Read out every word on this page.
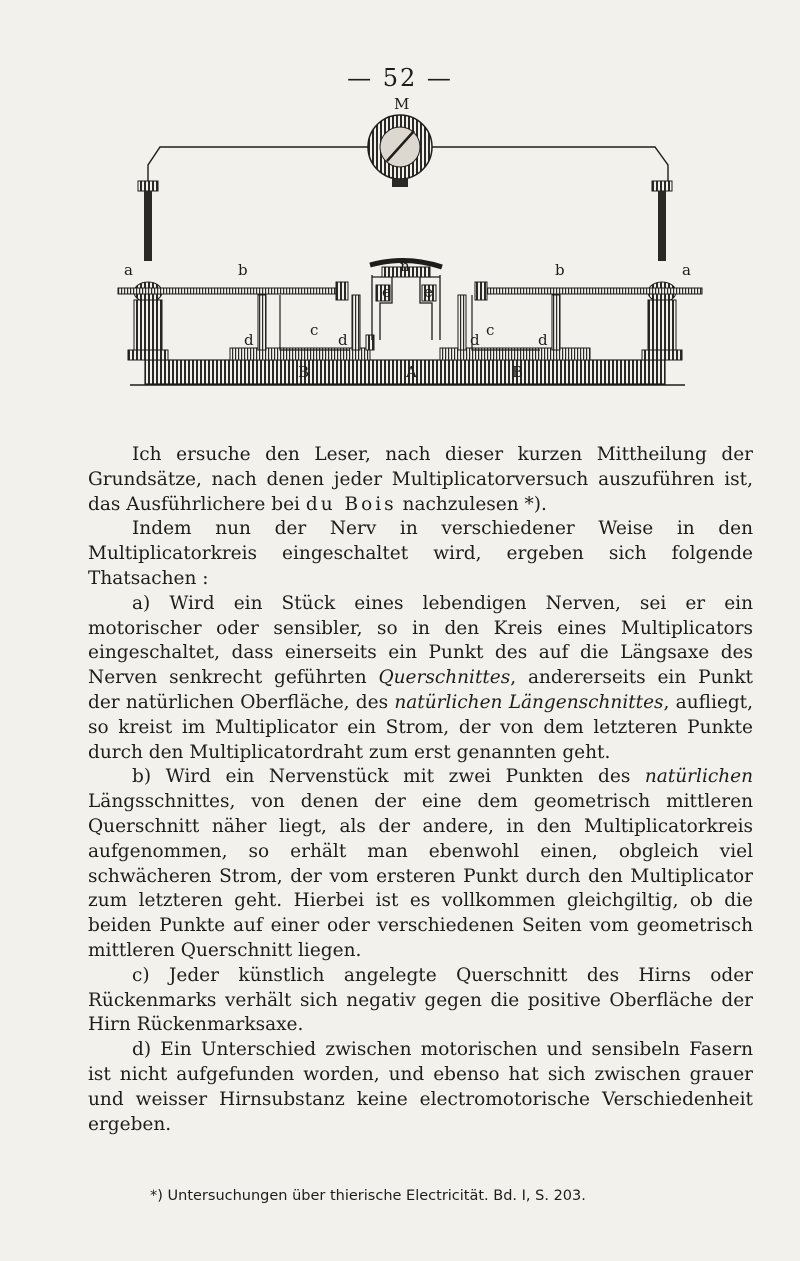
— 52 —
M
a	a
b	b
c	c
d	d	d	d
e e
n
B	A	B

Ich ersuche den Leser, nach dieser kurzen Mittheilung der Grundsätze, nach denen jeder Multiplicatorversuch auszuführen ist, das Ausführlichere bei du Bois nachzulesen *).

Indem nun der Nerv in verschiedener Weise in den Multiplicatorkreis eingeschaltet wird, ergeben sich folgende Thatsachen :

a) Wird ein Stück eines lebendigen Nerven, sei er ein motorischer oder sensibler, so in den Kreis eines Multiplicators eingeschaltet, dass einerseits ein Punkt des auf die Längsaxe des Nerven senkrecht geführten Querschnittes, andererseits ein Punkt der natürlichen Oberfläche, des natürlichen Längenschnittes, aufliegt, so kreist im Multiplicator ein Strom, der von dem letzteren Punkte durch den Multiplicatordraht zum erst genannten geht.

b) Wird ein Nervenstück mit zwei Punkten des natürlichen Längsschnittes, von denen der eine dem geometrisch mittleren Querschnitt näher liegt, als der andere, in den Multiplicatorkreis aufgenommen, so erhält man ebenwohl einen, obgleich viel schwächeren Strom, der vom ersteren Punkt durch den Multiplicator zum letzteren geht. Hierbei ist es vollkommen gleichgiltig, ob die beiden Punkte auf einer oder verschiedenen Seiten vom geometrisch mittleren Querschnitt liegen.

c) Jeder künstlich angelegte Querschnitt des Hirns oder Rückenmarks verhält sich negativ gegen die positive Oberfläche der Hirn Rückenmarksaxe.

d) Ein Unterschied zwischen motorischen und sensibeln Fasern ist nicht aufgefunden worden, und ebenso hat sich zwischen grauer und weisser Hirnsubstanz keine electromotorische Verschiedenheit ergeben.

*) Untersuchungen über thierische Electricität. Bd. I, S. 203.
